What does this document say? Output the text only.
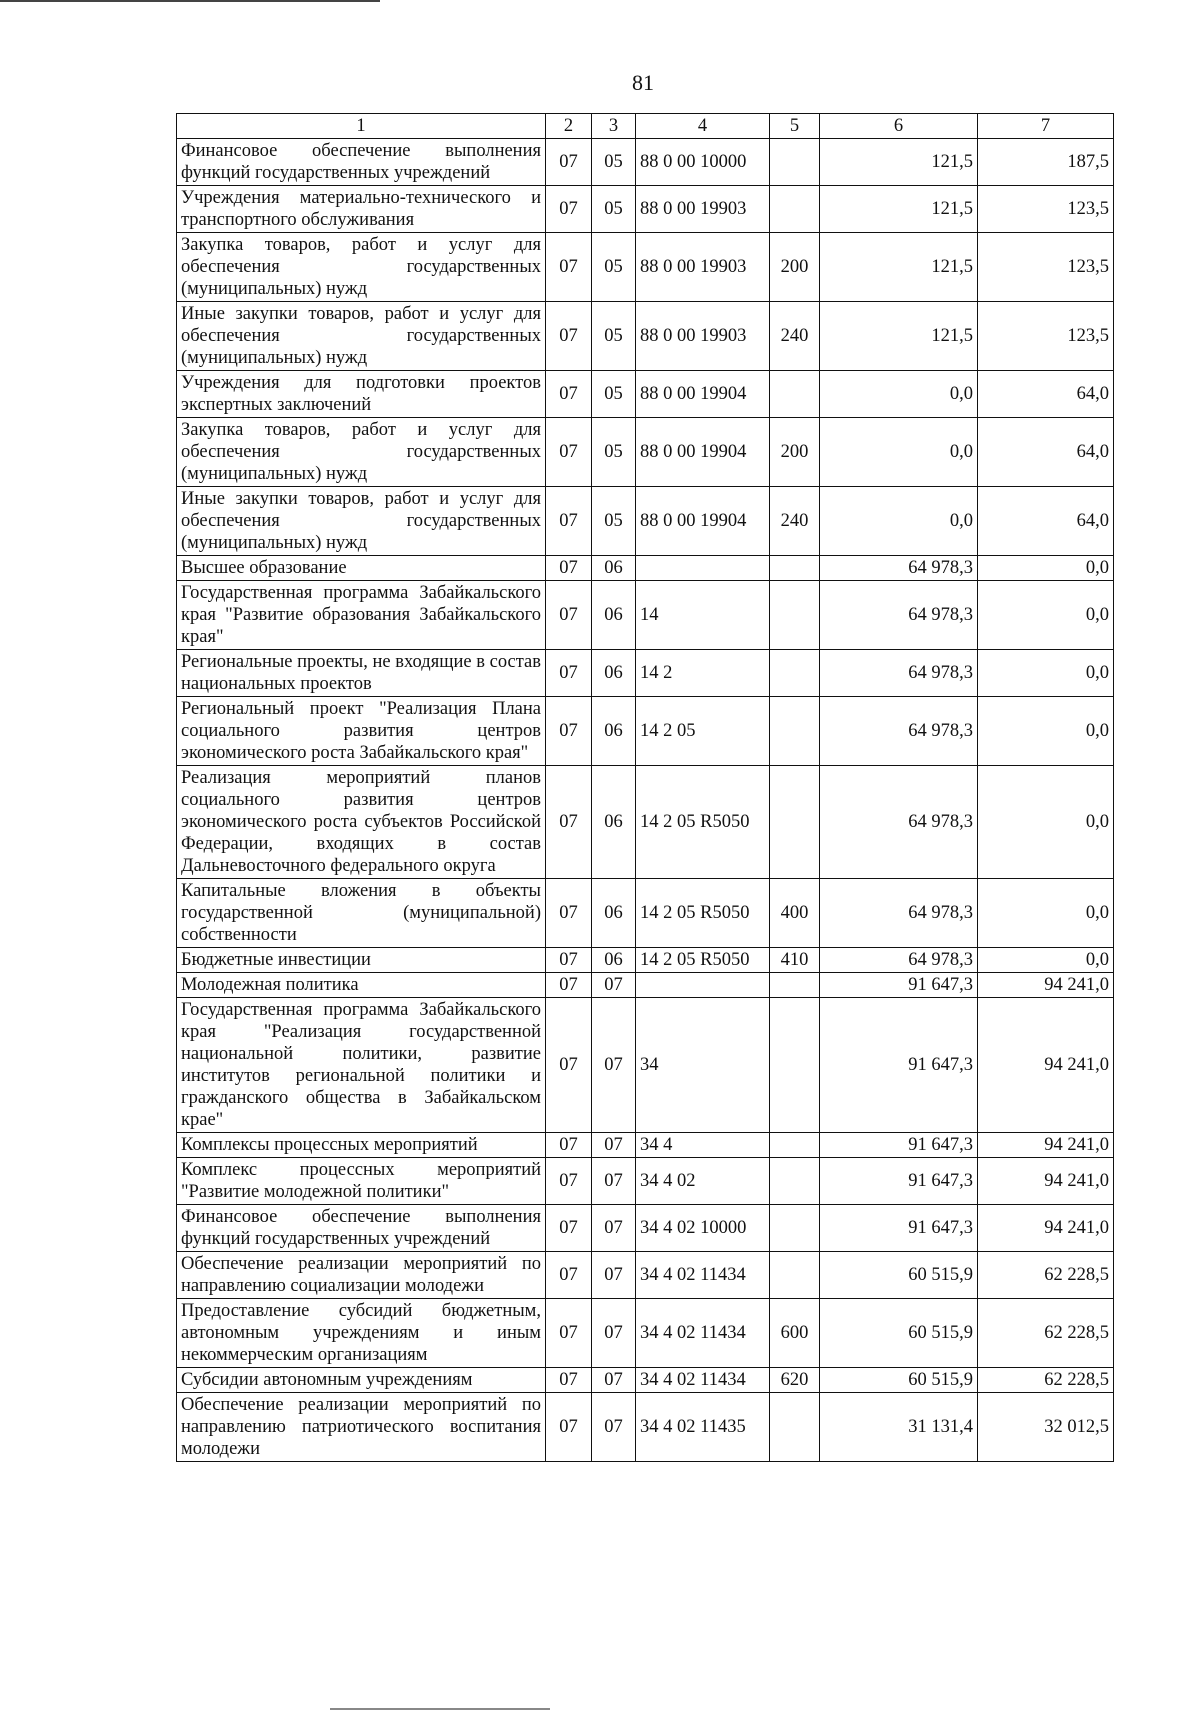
81
1	2	3	4	5	6	7
Финансовое обеспечение выполнения функций государственных учреждений	07	05	88 0 00 10000		121,5	187,5
Учреждения материально-технического и транспортного обслуживания	07	05	88 0 00 19903		121,5	123,5
Закупка товаров, работ и услуг для обеспечения государственных (муниципальных) нужд	07	05	88 0 00 19903	200	121,5	123,5
Иные закупки товаров, работ и услуг для обеспечения государственных (муниципальных) нужд	07	05	88 0 00 19903	240	121,5	123,5
Учреждения для подготовки проектов экспертных заключений	07	05	88 0 00 19904		0,0	64,0
Закупка товаров, работ и услуг для обеспечения государственных (муниципальных) нужд	07	05	88 0 00 19904	200	0,0	64,0
Иные закупки товаров, работ и услуг для обеспечения государственных (муниципальных) нужд	07	05	88 0 00 19904	240	0,0	64,0
Высшее образование	07	06			64 978,3	0,0
Государственная программа Забайкальского края "Развитие образования Забайкальского края"	07	06	14		64 978,3	0,0
Региональные проекты, не входящие в состав национальных проектов	07	06	14 2		64 978,3	0,0
Региональный проект "Реализация Плана социального развития центров экономического роста Забайкальского края"	07	06	14 2 05		64 978,3	0,0
Реализация мероприятий планов социального развития центров экономического роста субъектов Российской Федерации, входящих в состав Дальневосточного федерального округа	07	06	14 2 05 R5050		64 978,3	0,0
Капитальные вложения в объекты государственной (муниципальной) собственности	07	06	14 2 05 R5050	400	64 978,3	0,0
Бюджетные инвестиции	07	06	14 2 05 R5050	410	64 978,3	0,0
Молодежная политика	07	07			91 647,3	94 241,0
Государственная программа Забайкальского края "Реализация государственной национальной политики, развитие институтов региональной политики и гражданского общества в Забайкальском крае"	07	07	34		91 647,3	94 241,0
Комплексы процессных мероприятий	07	07	34 4		91 647,3	94 241,0
Комплекс процессных мероприятий "Развитие молодежной политики"	07	07	34 4 02		91 647,3	94 241,0
Финансовое обеспечение выполнения функций государственных учреждений	07	07	34 4 02 10000		91 647,3	94 241,0
Обеспечение реализации мероприятий по направлению социализации молодежи	07	07	34 4 02 11434		60 515,9	62 228,5
Предоставление субсидий бюджетным, автономным учреждениям и иным некоммерческим организациям	07	07	34 4 02 11434	600	60 515,9	62 228,5
Субсидии автономным учреждениям	07	07	34 4 02 11434	620	60 515,9	62 228,5
Обеспечение реализации мероприятий по направлению патриотического воспитания молодежи	07	07	34 4 02 11435		31 131,4	32 012,5
